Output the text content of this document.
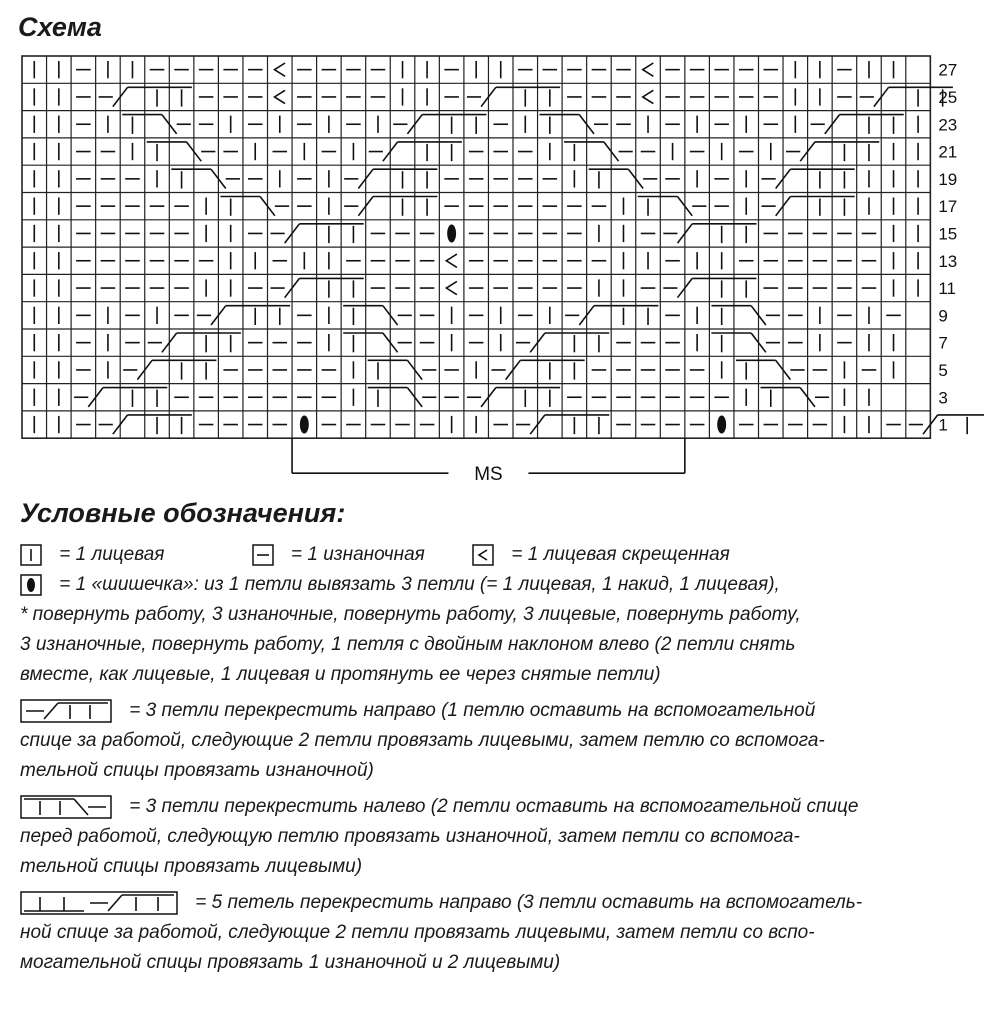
Схема
27
25
23
21
19
17
15
13
11
9
7
5
3
1
MS
Условные обозначения:
= 1 лицевая	= 1 изнаночная	= 1 лицевая скрещенная
= 1 «шишечка»: из 1 петли вывязать 3 петли (= 1 лицевая, 1 накид, 1 лицевая),
* повернуть работу, 3 изнаночные, повернуть работу, 3 лицевые, повернуть работу,
3 изнаночные, повернуть работу, 1 петля с двойным наклоном влево (2 петли снять
вместе, как лицевые, 1 лицевая и протянуть ее через снятые петли)
= 3 петли перекрестить направо (1 петлю оставить на вспомогательной
спице за работой, следующие 2 петли провязать лицевыми, затем петлю со вспомога-
тельной спицы провязать изнаночной)
= 3 петли перекрестить налево (2 петли оставить на вспомогательной спице
перед работой, следующую петлю провязать изнаночной, затем петли со вспомога-
тельной спицы провязать лицевыми)
= 5 петель перекрестить направо (3 петли оставить на вспомогатель-
ной спице за работой, следующие 2 петли провязать лицевыми, затем петли со вспо-
могательной спицы провязать 1 изнаночной и 2 лицевыми)
